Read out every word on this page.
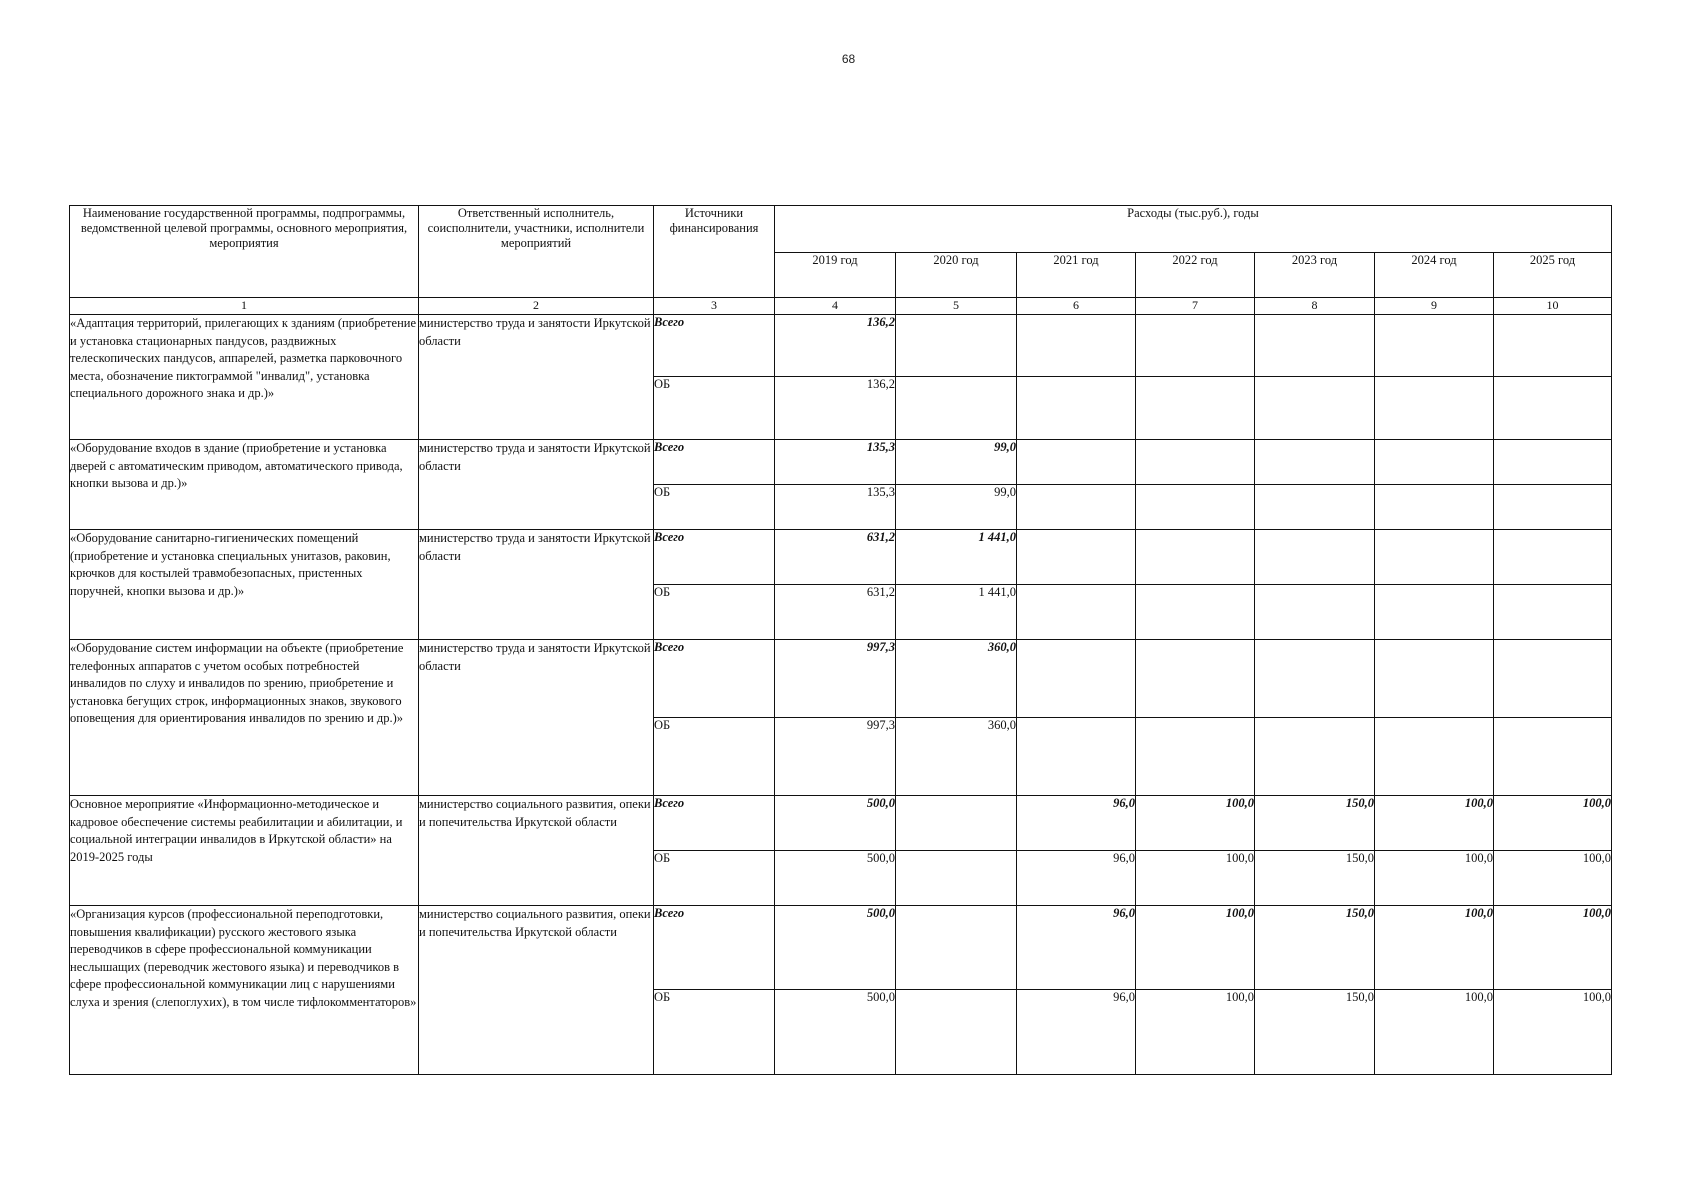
68
Наименование государственной программы, подпрограммы, ведомственной целевой программы, основного мероприятия, мероприятия	Ответственный исполнитель, соисполнители, участники, исполнители мероприятий	Источники финансирования	Расходы (тыс.руб.), годы						
			2019 год	2020 год	2021 год	2022 год	2023 год	2024 год	2025 год
1	2	3	4	5	6	7	8	9	10
«Адаптация территорий, прилегающих к зданиям (приобретение и установка стационарных пандусов, раздвижных телескопических пандусов, аппарелей, разметка парковочного места, обозначение пиктограммой "инвалид", установка специального дорожного знака и др.)»	министерство труда и занятости Иркутской области	Всего	136,2						
		ОБ	136,2						
«Оборудование входов в здание (приобретение и установка дверей с автоматическим приводом, автоматического привода, кнопки вызова и др.)»	министерство труда и занятости Иркутской области	Всего	135,3	99,0					
		ОБ	135,3	99,0					
«Оборудование санитарно-гигиенических помещений (приобретение и установка специальных унитазов, раковин, крючков для костылей травмобезопасных, пристенных поручней, кнопки вызова и др.)»	министерство труда и занятости Иркутской области	Всего	631,2	1 441,0					
		ОБ	631,2	1 441,0					
«Оборудование систем информации на объекте (приобретение телефонных аппаратов с учетом особых потребностей инвалидов по слуху и инвалидов по зрению, приобретение и установка бегущих строк, информационных знаков, звукового оповещения для ориентирования инвалидов по зрению и др.)»	министерство труда и занятости Иркутской области	Всего	997,3	360,0					
		ОБ	997,3	360,0					
Основное мероприятие «Информационно-методическое и кадровое обеспечение системы реабилитации и абилитации, и социальной интеграции инвалидов в Иркутской области» на 2019-2025 годы	министерство социального развития, опеки и попечительства Иркутской области	Всего	500,0		96,0	100,0	150,0	100,0	100,0
		ОБ	500,0		96,0	100,0	150,0	100,0	100,0
«Организация курсов (профессиональной переподготовки, повышения квалификации) русского жестового языка переводчиков в сфере профессиональной коммуникации неслышащих (переводчик жестового языка) и переводчиков в сфере профессиональной коммуникации лиц с нарушениями слуха и зрения (слепоглухих), в том числе тифлокомментаторов»	министерство социального развития, опеки и попечительства Иркутской области	Всего	500,0		96,0	100,0	150,0	100,0	100,0
		ОБ	500,0		96,0	100,0	150,0	100,0	100,0
